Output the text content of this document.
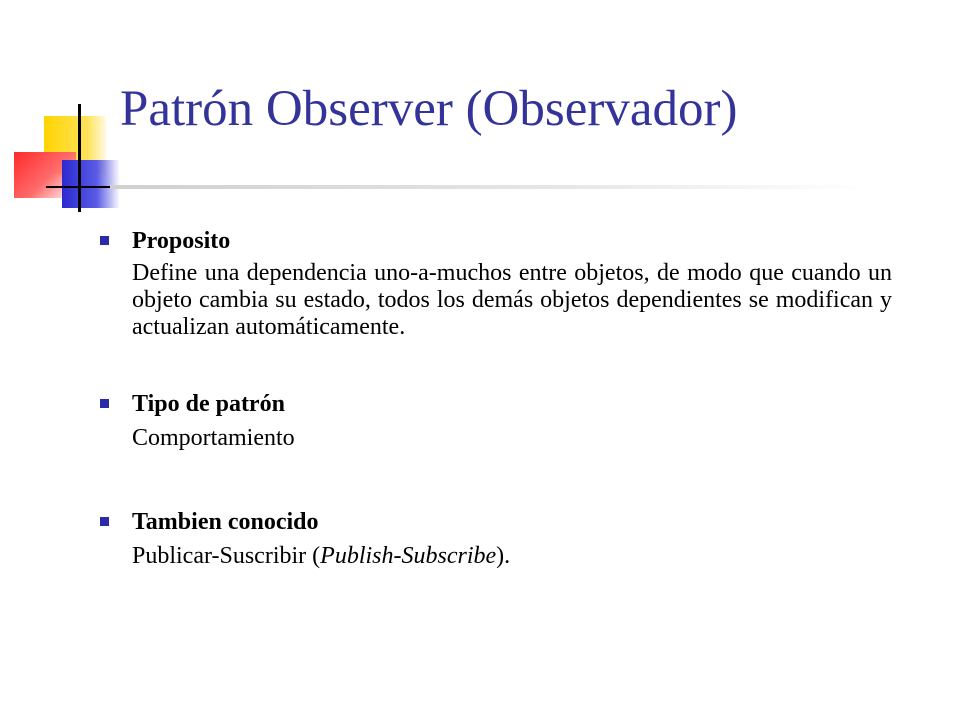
Patrón Observer (Observador)
Proposito
Define una dependencia uno-a-muchos entre objetos, de modo que cuando un objeto cambia su estado, todos los demás objetos dependientes se modifican y actualizan automáticamente.
Tipo de patrón
Comportamiento
Tambien conocido
Publicar-Suscribir (Publish-Subscribe).
